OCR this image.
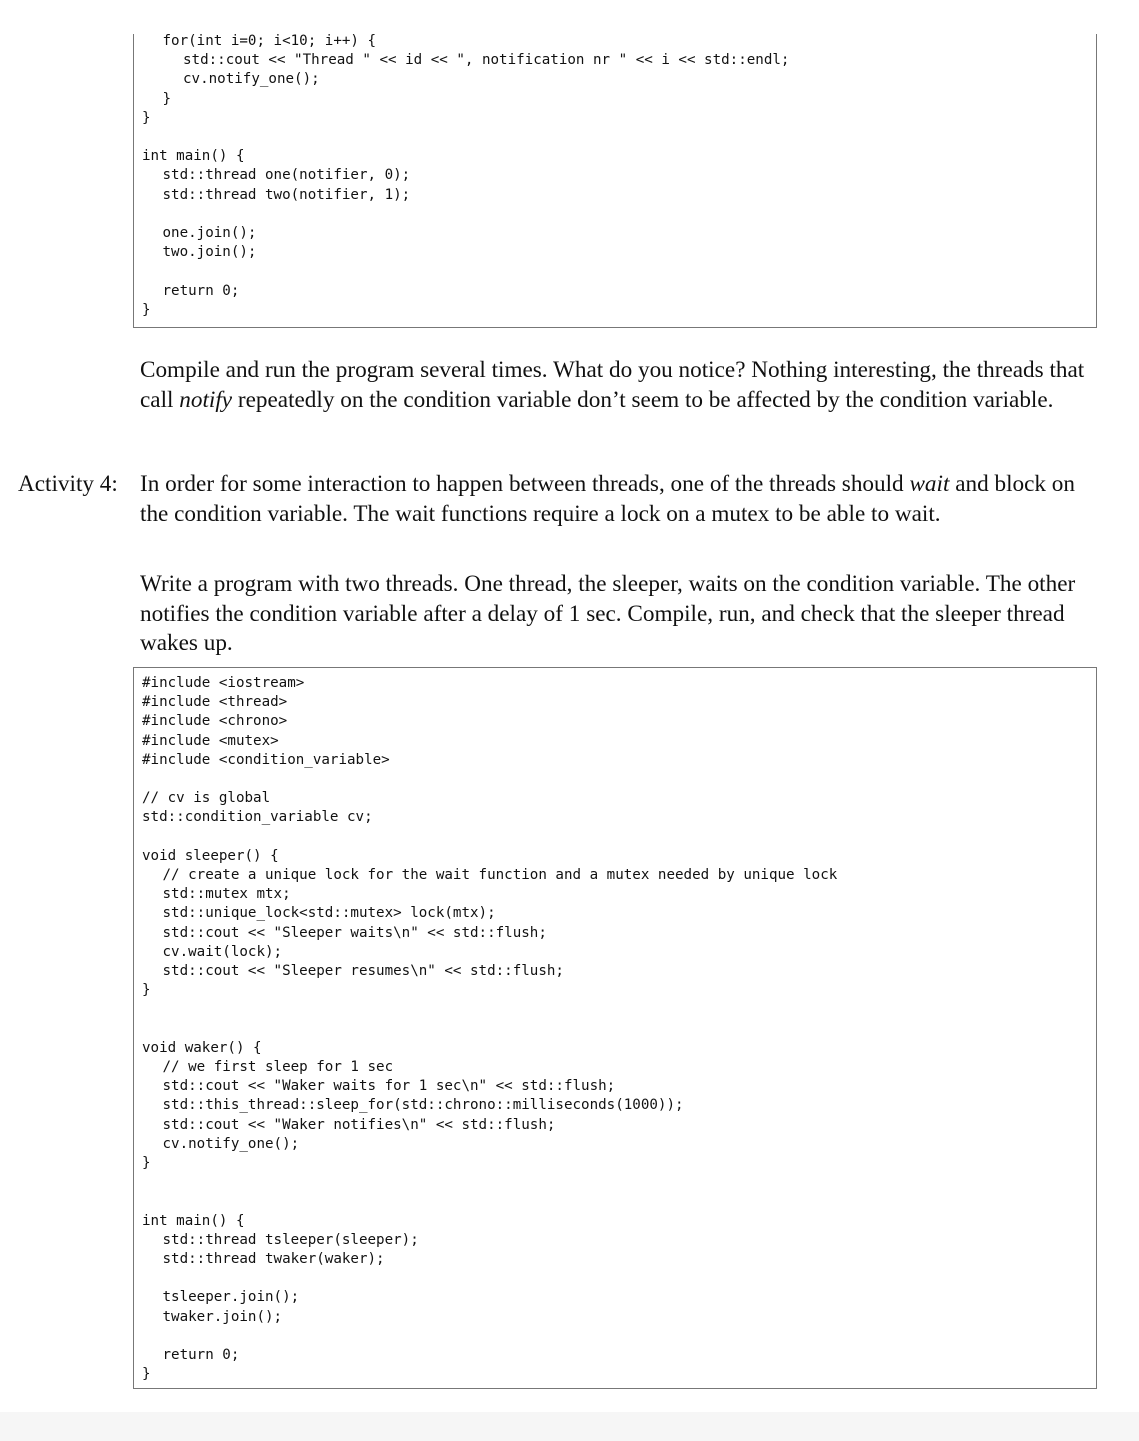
for(int i=0; i<10; i++) {
std::cout << "Thread " << id << ", notification nr " << i << std::endl;
cv.notify_one();
}
}
int main() {
std::thread one(notifier, 0);
std::thread two(notifier, 1);
one.join();
two.join();
return 0;
}

Compile and run the program several times. What do you notice? Nothing interesting, the threads that call notify repeatedly on the condition variable don’t seem to be affected by the condition variable.

Activity 4: In order for some interaction to happen between threads, one of the threads should wait and block on the condition variable. The wait functions require a lock on a mutex to be able to wait.

Write a program with two threads. One thread, the sleeper, waits on the condition variable. The other notifies the condition variable after a delay of 1 sec. Compile, run, and check that the sleeper thread wakes up.

#include <iostream>
#include <thread>
#include <chrono>
#include <mutex>
#include <condition_variable>
// cv is global
std::condition_variable cv;
void sleeper() {
// create a unique lock for the wait function and a mutex needed by unique lock
std::mutex mtx;
std::unique_lock<std::mutex> lock(mtx);
std::cout << "Sleeper waits\n" << std::flush;
cv.wait(lock);
std::cout << "Sleeper resumes\n" << std::flush;
}
void waker() {
// we first sleep for 1 sec
std::cout << "Waker waits for 1 sec\n" << std::flush;
std::this_thread::sleep_for(std::chrono::milliseconds(1000));
std::cout << "Waker notifies\n" << std::flush;
cv.notify_one();
}
int main() {
std::thread tsleeper(sleeper);
std::thread twaker(waker);
tsleeper.join();
twaker.join();
return 0;
}
